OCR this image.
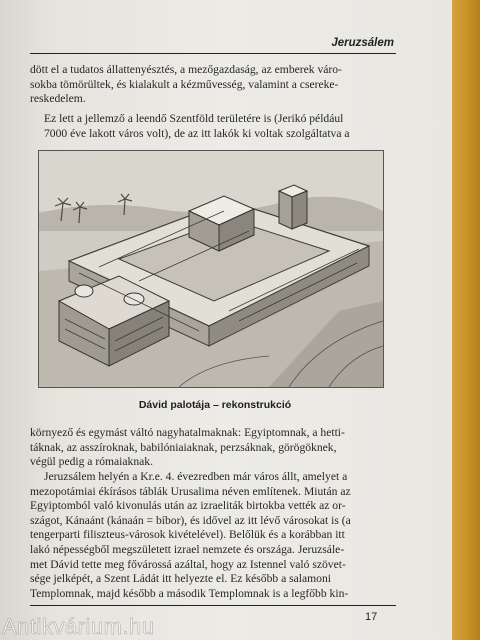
Jeruzsálem

dött el a tudatos állattenyésztés, a mezőgazdaság, az emberek váro-
sokba tömörültek, és kialakult a kézművesség, valamint a csereke-
reskedelem.

Ez lett a jellemző a leendő Szentföld területére is (Jerikó például
7000 éve lakott város volt), de az itt lakók ki voltak szolgáltatva a

Dávid palotája – rekonstrukció

környező és egymást váltó nagyhatalmaknak: Egyiptomnak, a hetti-
táknak, az asszíroknak, babilóniaiaknak, perzsáknak, görögöknek,
végül pedig a rómaiaknak.

Jeruzsálem helyén a Kr.e. 4. évezredben már város állt, amelyet a
mezopotámiai ékírásos táblák Urusalima néven említenek. Miután az
Egyiptomból való kivonulás után az izraeliták birtokba vették az or-
szágot, Kánaánt (kánaán = bíbor), és idővel az itt lévő városokat is (a
tengerparti filiszteus-városok kivételével). Belőlük és a korábban itt
lakó népességből megszületett izrael nemzete és országa. Jeruzsále-
met Dávid tette meg fővárossá azáltal, hogy az Istennel való szövet-
sége jelképét, a Szent Ládát itt helyezte el. Ez később a salamoni
Templomnak, majd később a második Templomnak is a legfőbb kin-

17
Antikvárium.hu
